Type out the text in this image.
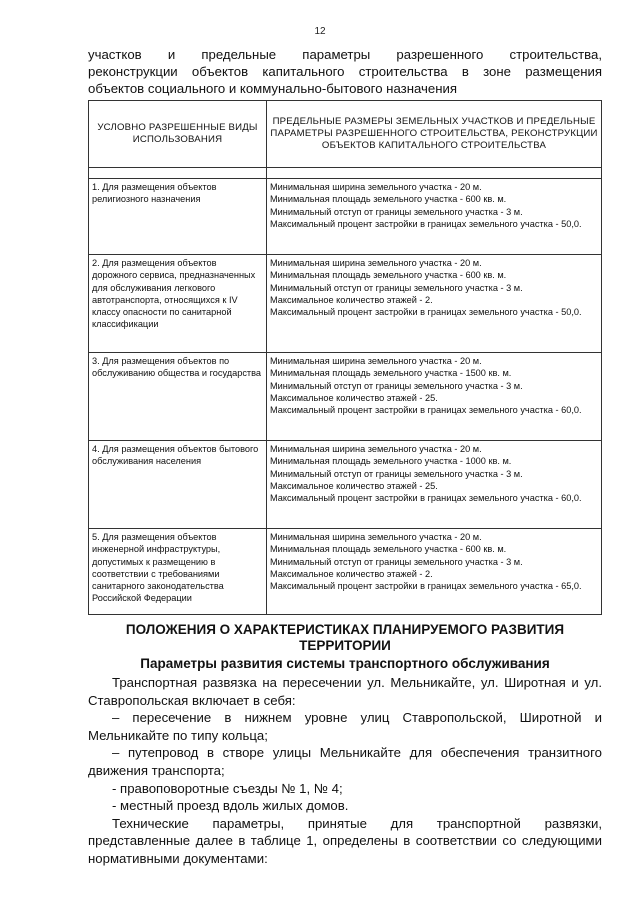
12
участков и предельные параметры разрешенного строительства,
реконструкции объектов капитального строительства в зоне размещения
объектов социального и коммунально-бытового назначения
УСЛОВНО РАЗРЕШЕННЫЕ ВИДЫ ИСПОЛЬЗОВАНИЯ	ПРЕДЕЛЬНЫЕ РАЗМЕРЫ ЗЕМЕЛЬНЫХ УЧАСТКОВ И ПРЕДЕЛЬНЫЕ ПАРАМЕТРЫ РАЗРЕШЕННОГО СТРОИТЕЛЬСТВА, РЕКОНСТРУКЦИИ ОБЪЕКТОВ КАПИТАЛЬНОГО СТРОИТЕЛЬСТВА

1. Для размещения объектов религиозного назначения	Минимальная ширина земельного участка - 20 м.
Минимальная площадь земельного участка - 600 кв. м.
Минимальный отступ от границы земельного участка - 3 м.
Максимальный процент застройки в границах земельного участка - 50,0.

2. Для размещения объектов дорожного сервиса, предназначенных для обслуживания легкового автотранспорта, относящихся к IV классу опасности по санитарной классификации	Минимальная ширина земельного участка - 20 м.
Минимальная площадь земельного участка - 600 кв. м.
Минимальный отступ от границы земельного участка - 3 м.
Максимальное количество этажей - 2.
Максимальный процент застройки в границах земельного участка - 50,0.

3. Для размещения объектов по обслуживанию общества и государства	Минимальная ширина земельного участка - 20 м.
Минимальная площадь земельного участка - 1500 кв. м.
Минимальный отступ от границы земельного участка - 3 м.
Максимальное количество этажей - 25.
Максимальный процент застройки в границах земельного участка - 60,0.

4. Для размещения объектов бытового обслуживания населения	Минимальная ширина земельного участка - 20 м.
Минимальная площадь земельного участка - 1000 кв. м.
Минимальный отступ от границы земельного участка - 3 м.
Максимальное количество этажей - 25.
Максимальный процент застройки в границах земельного участка - 60,0.

5. Для размещения объектов инженерной инфраструктуры, допустимых к размещению в соответствии с требованиями санитарного законодательства Российской Федерации	Минимальная ширина земельного участка - 20 м.
Минимальная площадь земельного участка - 600 кв. м.
Минимальный отступ от границы земельного участка - 3 м.
Максимальное количество этажей - 2.
Максимальный процент застройки в границах земельного участка - 65,0.
ПОЛОЖЕНИЯ О ХАРАКТЕРИСТИКАХ ПЛАНИРУЕМОГО РАЗВИТИЯ ТЕРРИТОРИИ
Параметры развития системы транспортного обслуживания

Транспортная развязка на пересечении ул. Мельникайте, ул. Широтная и ул. Ставропольская включает в себя:

– пересечение в нижнем уровне улиц Ставропольской, Широтной и Мельникайте по типу кольца;

– путепровод в створе улицы Мельникайте для обеспечения транзитного движения транспорта;

- правоповоротные съезды № 1, № 4;

- местный проезд вдоль жилых домов.

Технические параметры, принятые для транспортной развязки, представленные далее в таблице 1, определены в соответствии со следующими нормативными документами:
